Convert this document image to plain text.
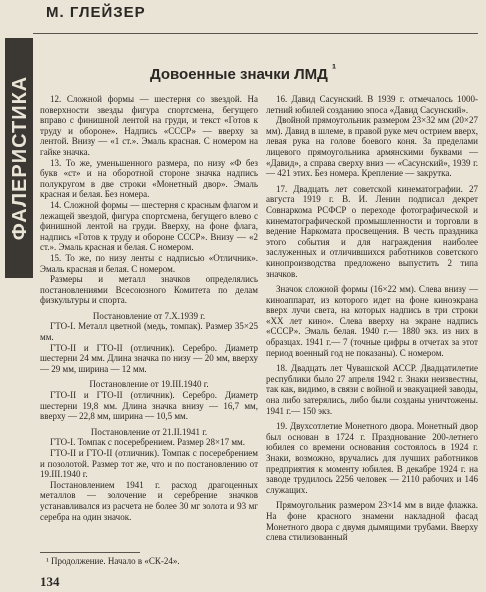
ФАЛЕРИСТИКА
М. ГЛЕЙЗЕР
Довоенные значки ЛМД $^{^1}$

12. Сложной формы — шестерня со звездой. На поверхности звезды фигура спортсмена, бегущего вправо с финишной лентой на груди, и текст «Готов к труду и обороне». Надпись «СССР» — вверху за лентой. Внизу — «1 ст.». Эмаль красная. С номером на гайке значка.

13. То же, уменьшенного размера, по низу «Ф без букв «ст» и на оборотной стороне значка надпись полукругом в две строки «Монетный двор». Эмаль красная и белая. Без номера.

14. Сложной формы — шестерня с красным флагом и лежащей звездой, фигура спортсмена, бегущего влево с финишной лентой на груди. Вверху, на фоне флага, надпись «Готов к труду и обороне СССР». Внизу — «2 ст.». Эмаль красная и белая. С номером.

15. То же, по низу ленты с надписью «Отличник». Эмаль красная и белая. С номером.

Размеры и металл значков определялись постановлениями Всесоюзного Комитета по делам физкультуры и спорта.

Постановление от 7.X.1939 г.

ГТО-I. Металл цветной (медь, томпак). Размер 35×25 мм.

ГТО-II и ГТО-II (отличник). Серебро. Диаметр шестерни 24 мм. Длина значка по низу — 20 мм, вверху — 29 мм, ширина — 12 мм.

Постановление от 19.III.1940 г.

ГТО-II и ГТО-II (отличник). Серебро. Диаметр шестерни 19,8 мм. Длина значка внизу — 16,7 мм, вверху — 22,8 мм, ширина — 10,5 мм.

Постановление от 21.II.1941 г.

ГТО-I. Томпак с посеребрением. Размер 28×17 мм.

ГТО-II и ГТО-II (отличник). Томпак с посеребрением и позолотой. Размер тот же, что и по постановлению от 19.III.1940 г.

Постановлением 1941 г. расход драгоценных металлов — золочение и серебрение значков устанавливался из расчета не более 30 мг золота и 93 мг серебра на один значок.

16. Давид Сасунский. В 1939 г. отмечалось 1000-летний юбилей созданию эпоса «Давид Сасунский».

Двойной прямоугольник размером 23×32 мм (20×27 мм). Давид в шлеме, в правой руке меч острием вверх, левая рука на голове боевого коня. За пределами лицевого прямоугольника армянскими буквами — «Давид», а справа сверху вниз — «Сасунский», 1939 г.— 421 этих. Без номера. Крепление — закрутка.

17. Двадцать лет советской кинематографии. 27 августа 1919 г. В. И. Ленин подписал декрет Совнаркома РСФСР о переходе фотографической и кинематографической промышленности и торговли в ведение Наркомата просвещения. В честь праздника этого события и для награждения наиболее заслуженных и отличившихся работников советского кинопроизводства предложено выпустить 2 типа значков.

Значок сложной формы (16×22 мм). Слева внизу — киноаппарат, из которого идет на фоне киноэкрана вверх лучи света, на которых надпись в три строки «XX лет кино». Слева вверху на экране надпись «СССР». Эмаль белая. 1940 г.— 1880 экз. из них в образцах. 1941 г.— 7 (точные цифры в отчетах за этот период военный год не показаны). С номером.

18. Двадцать лет Чувашской АССР. Двадцатилетие республики было 27 апреля 1942 г. Знаки неизвестны, так как, видимо, в связи с войной и эвакуацией заводы, она либо затерялись, либо были созданы уничтожены. 1941 г.— 150 экз.

19. Двухсотлетие Монетного двора. Монетный двор был основан в 1724 г. Празднование 200-летнего юбилея со времени основания состоялось в 1924 г. Знаки, возможно, вручались для лучших работников предприятия к моменту юбилея. В декабре 1924 г. на заводе трудилось 2256 человек — 2110 рабочих и 146 служащих.

Прямоугольник размером 23×14 мм в виде флажка. На фоне красного знамени накладной фасад Монетного двора с двумя дымящими трубами. Вверху слева стилизованный

¹ Продолжение. Начало в «СК-24».
134
